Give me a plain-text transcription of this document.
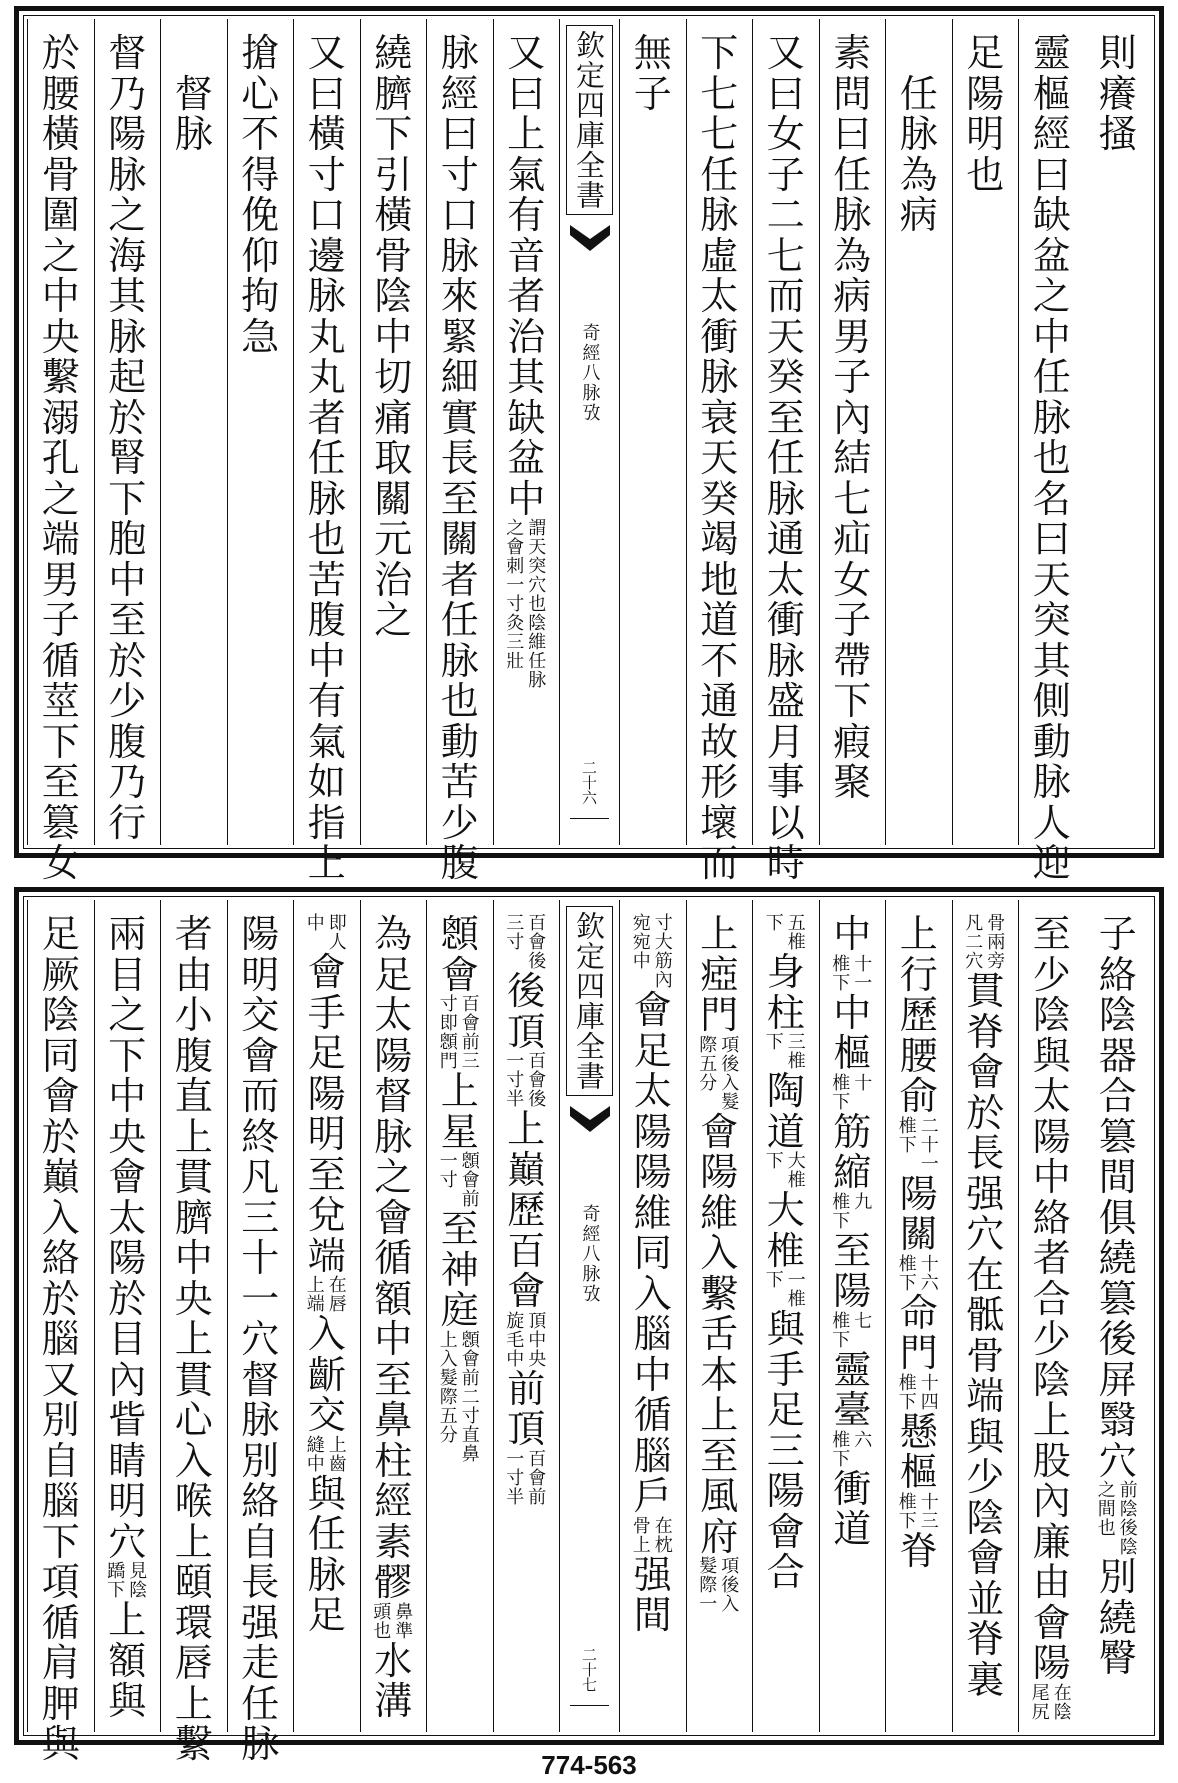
則
癢
搔
靈
樞
經
曰
缺
盆
之
中
任
脉
也
名
曰
天
突
其
側
動
脉
人
迎
足
陽
明
也

任
脉
為
病
素
問
曰
任
脉
為
病
男
子
內
結
七
疝
女
子
帶
下
瘕
聚
又
曰
女
子
二
七
而
天
癸
至
任
脉
通
太
衝
脉
盛
月
事
以
時
下
七
七
任
脉
虛
太
衝
脉
衰
天
癸
竭
地
道
不
通
故
形
壞
而
無
子
欽定四庫全書
奇經八脉攷
二十六
又
曰
上
氣
有
音
者
治
其
缺
盆
中
謂
天
突
穴
也
陰
維
任
脉
之
會
刺
一
寸
灸
三
壯
脉
經
曰
寸
口
脉
來
緊
細
實
長
至
關
者
任
脉
也
動
苦
少
腹
繞
臍
下
引
橫
骨
陰
中
切
痛
取
關
元
治
之
又
曰
橫
寸
口
邊
脉
丸
丸
者
任
脉
也
苦
腹
中
有
氣
如
指
上
搶
心
不
得
俛
仰
拘
急

督
脉
督
乃
陽
脉
之
海
其
脉
起
於
腎
下
胞
中
至
於
少
腹
乃
行
於
腰
橫
骨
圍
之
中
央
繫
溺
孔
之
端
男
子
循
莖
下
至
篡
女
子
絡
陰
器
合
篡
間
俱
繞
篡
後
屏
翳
穴
前
陰
後
陰
之
間
也
別
繞
臀
至
少
陰
與
太
陽
中
絡
者
合
少
陰
上
股
內
廉
由
會
陽
在
陰
尾
尻
骨
兩
旁
凡
二
穴
貫
脊
會
於
長
强
穴
在
骶
骨
端
與
少
陰
會
並
脊
裏
上
行
歷
腰
俞
二
十
一
椎
下
陽
關
十
六
椎
下
命
門
十
四
椎
下
懸
樞
十
三
椎
下
脊
中
十
一
椎
下
中
樞
十
椎
下
筋
縮
九
椎
下
至
陽
七
椎
下
靈
臺
六
椎
下
衝
道
五
椎
下
身
柱
三
椎
下
陶
道
大
椎
下
大
椎
一
椎
下
與
手
足
三
陽
會
合
上
瘂
門
項
後
入
髮
際
五
分
會
陽
維
入
繫
舌
本
上
至
風
府
項
後
入
髮
際
一
寸
大
筋
內
宛
宛
中
會
足
太
陽
陽
維
同
入
腦
中
循
腦
戶
在
枕
骨
上
强
間
欽定四庫全書
奇經八脉攷
二十七
百
會
後
三
寸
後
頂
百
會
後
一
寸
半
上
巔
歷
百
會
頂
中
央
旋
毛
中
前
頂
百
會
前
一
寸
半
顖
會
百
會
前
三
寸
即
顖
門
上
星
顖
會
前
一
寸
至
神
庭
顖
會
前
二
寸
直
鼻
上
入
髮
際
五
分
為
足
太
陽
督
脉
之
會
循
額
中
至
鼻
柱
經
素
髎
鼻
準
頭
也
水
溝
即
人
中
會
手
足
陽
明
至
兌
端
在
唇
上
端
入
齗
交
上
齒
縫
中
與
任
脉
足
陽
明
交
會
而
終
凡
三
十
一
穴
督
脉
別
絡
自
長
强
走
任
脉
者
由
小
腹
直
上
貫
臍
中
央
上
貫
心
入
喉
上
頤
環
唇
上
繫
兩
目
之
下
中
央
會
太
陽
於
目
內
眥
睛
明
穴
見
陰
蹻
下
上
額
與
足
厥
陰
同
會
於
巔
入
絡
於
腦
又
別
自
腦
下
項
循
肩
胛
與	774-563
